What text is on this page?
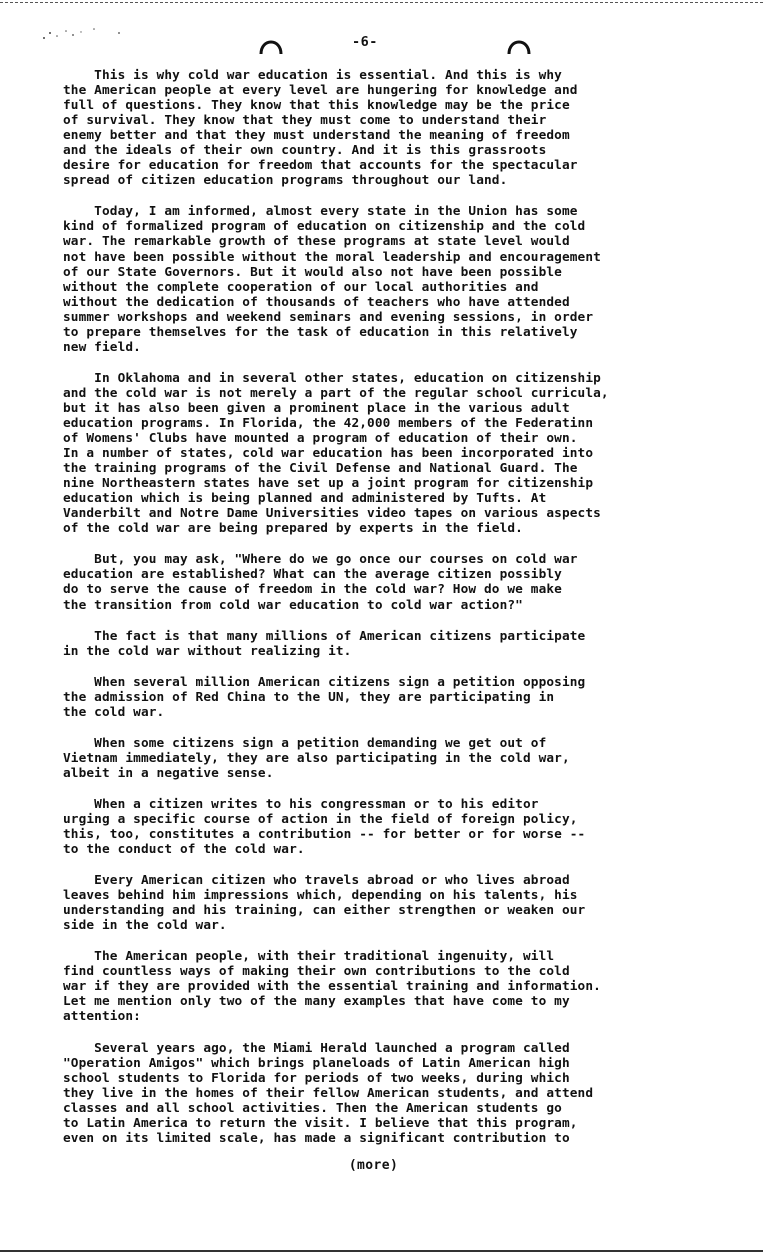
-6-
This is why cold war education is essential. And this is why
the American people at every level are hungering for knowledge and
full of questions. They know that this knowledge may be the price
of survival. They know that they must come to understand their
enemy better and that they must understand the meaning of freedom
and the ideals of their own country. And it is this grassroots
desire for education for freedom that accounts for the spectacular
spread of citizen education programs throughout our land.
Today, I am informed, almost every state in the Union has some
kind of formalized program of education on citizenship and the cold
war. The remarkable growth of these programs at state level would
not have been possible without the moral leadership and encouragement
of our State Governors. But it would also not have been possible
without the complete cooperation of our local authorities and
without the dedication of thousands of teachers who have attended
summer workshops and weekend seminars and evening sessions, in order
to prepare themselves for the task of education in this relatively
new field.
In Oklahoma and in several other states, education on citizenship
and the cold war is not merely a part of the regular school curricula,
but it has also been given a prominent place in the various adult
education programs. In Florida, the 42,000 members of the Federatinn
of Womens' Clubs have mounted a program of education of their own.
In a number of states, cold war education has been incorporated into
the training programs of the Civil Defense and National Guard. The
nine Northeastern states have set up a joint program for citizenship
education which is being planned and administered by Tufts. At
Vanderbilt and Notre Dame Universities video tapes on various aspects
of the cold war are being prepared by experts in the field.
But, you may ask, "Where do we go once our courses on cold war
education are established? What can the average citizen possibly
do to serve the cause of freedom in the cold war? How do we make
the transition from cold war education to cold war action?"
The fact is that many millions of American citizens participate
in the cold war without realizing it.
When several million American citizens sign a petition opposing
the admission of Red China to the UN, they are participating in
the cold war.
When some citizens sign a petition demanding we get out of
Vietnam immediately, they are also participating in the cold war,
albeit in a negative sense.
When a citizen writes to his congressman or to his editor
urging a specific course of action in the field of foreign policy,
this, too, constitutes a contribution -- for better or for worse --
to the conduct of the cold war.
Every American citizen who travels abroad or who lives abroad
leaves behind him impressions which, depending on his talents, his
understanding and his training, can either strengthen or weaken our
side in the cold war.
The American people, with their traditional ingenuity, will
find countless ways of making their own contributions to the cold
war if they are provided with the essential training and information.
Let me mention only two of the many examples that have come to my
attention:
Several years ago, the Miami Herald launched a program called
"Operation Amigos" which brings planeloads of Latin American high
school students to Florida for periods of two weeks, during which
they live in the homes of their fellow American students, and attend
classes and all school activities. Then the American students go
to Latin America to return the visit. I believe that this program,
even on its limited scale, has made a significant contribution to
(more)
